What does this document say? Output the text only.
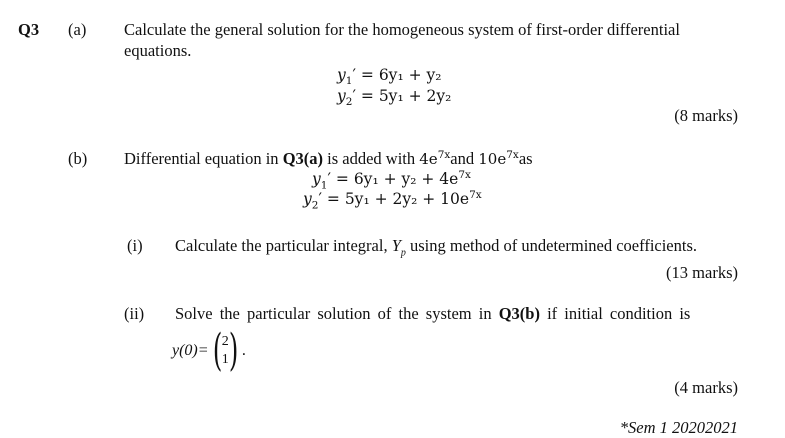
Q3 (a) Calculate the general solution for the homogeneous system of first-order differential
equations.
$y_1' = 6y_1 + y_2$
$y_2' = 5y_1 + 2y_2$
(8 marks)
(b) Differential equation in Q3(a) is added with $4e^{7x}and$ $10e^{7x}as$
$y_1' = 6y_1 + y_2 + 4e^{7x}$
$y_2' = 5y_1 + 2y_2 + 10e^{7x}$
(i) Calculate the particular integral, $Y_p$ using method of undetermined coefficients.
(13 marks)
(ii) Solve the particular solution of the system in Q3(b) if initial condition is
y(0)= ( 2
1 ) .
(4 marks)
*Sem 1 20202021
